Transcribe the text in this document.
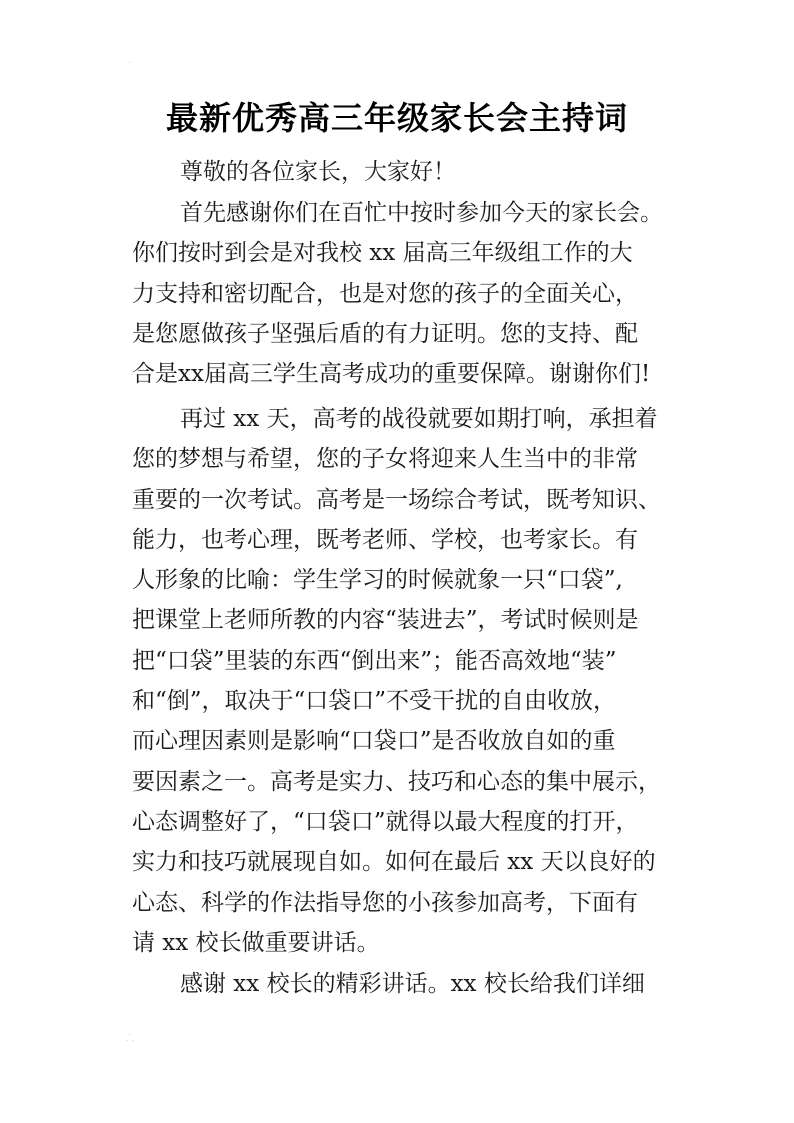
·
⸫
最新优秀高三年级家长会主持词
尊敬的各位家长，大家好！
首先感谢你们在百忙中按时参加今天的家长会。
你们按时到会是对我校 xx 届高三年级组工作的大
力支持和密切配合，也是对您的孩子的全面关心，
是您愿做孩子坚强后盾的有力证明。您的支持、配
合是xx届高三学生高考成功的重要保障。谢谢你们!
再过 xx 天，高考的战役就要如期打响，承担着
您的梦想与希望，您的子女将迎来人生当中的非常
重要的一次考试。高考是一场综合考试，既考知识、
能力，也考心理，既考老师、学校，也考家长。有
人形象的比喻：学生学习的时候就象一只“口袋”,
把课堂上老师所教的内容“装进去”，考试时候则是
把“口袋”里装的东西“倒出来”；能否高效地“装”
和“倒”，取决于“口袋口”不受干扰的自由收放，
而心理因素则是影响“口袋口”是否收放自如的重
要因素之一。高考是实力、技巧和心态的集中展示，
心态调整好了，“口袋口”就得以最大程度的打开，
实力和技巧就展现自如。如何在最后 xx 天以良好的
心态、科学的作法指导您的小孩参加高考，下面有
请 xx 校长做重要讲话。
感谢 xx 校长的精彩讲话。xx 校长给我们详细
